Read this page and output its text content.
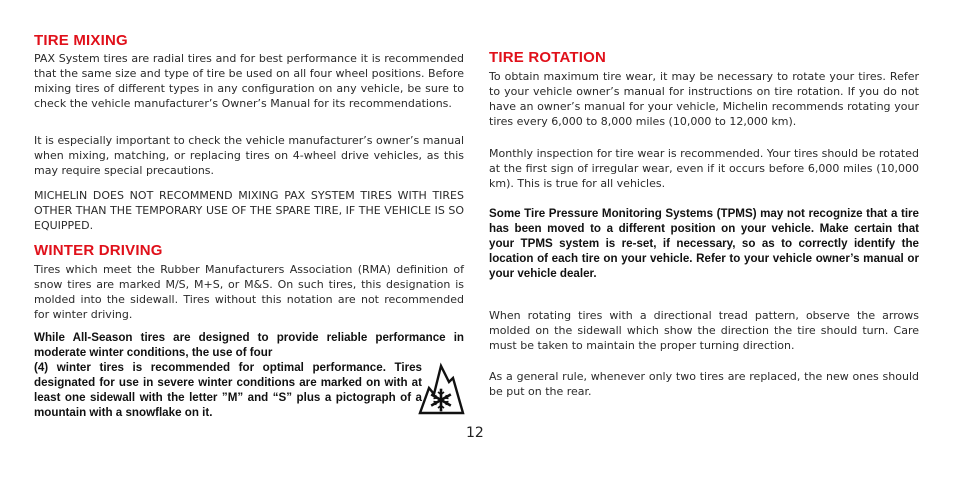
TIRE MIXING

PAX System tires are radial tires and for best performance it is recommended that the same size and type of tire be used on all four wheel positions. Before mixing tires of different types in any configuration on any vehicle, be sure to check the vehicle manufacturer’s Owner’s Manual for its recommendations.

It is especially important to check the vehicle manufacturer’s owner’s manual when mixing, matching, or replacing tires on 4-wheel drive vehicles, as this may require special precautions.

MICHELIN DOES NOT RECOMMEND MIXING PAX SYSTEM TIRES WITH TIRES OTHER THAN THE TEMPORARY USE OF THE SPARE TIRE, IF THE VEHICLE IS SO EQUIPPED.

WINTER DRIVING

Tires which meet the Rubber Manufacturers Association (RMA) definition of snow tires are marked M/S, M+S, or M&S. On such tires, this designation is molded into the sidewall. Tires without this notation are not recommended for winter driving.

While All-Season tires are designed to provide reliable performance in moderate winter conditions, the use of four

(4) winter tires is recommended for optimal performance. Tires designated for use in severe winter conditions are marked on with at least one sidewall with the letter ”M” and “S” plus a pictograph of a mountain with a snowflake on it.

12
TIRE ROTATION

To obtain maximum tire wear, it may be necessary to rotate your tires. Refer to your vehicle owner’s manual for instructions on tire rotation. If you do not have an owner’s manual for your vehicle, Michelin recommends rotating your tires every 6,000 to 8,000 miles (10,000 to 12,000 km).

Monthly inspection for tire wear is recommended. Your tires should be rotated at the first sign of irregular wear, even if it occurs before 6,000 miles (10,000 km). This is true for all vehicles.

Some Tire Pressure Monitoring Systems (TPMS) may not recognize that a tire has been moved to a different position on your vehicle. Make certain that your TPMS system is re-set, if necessary, so as to correctly identify the location of each tire on your vehicle. Refer to your vehicle owner’s manual or your vehicle dealer.

When rotating tires with a directional tread pattern, observe the arrows molded on the sidewall which show the direction the tire should turn. Care must be taken to maintain the proper turning direction.

As a general rule, whenever only two tires are replaced, the new ones should be put on the rear.
